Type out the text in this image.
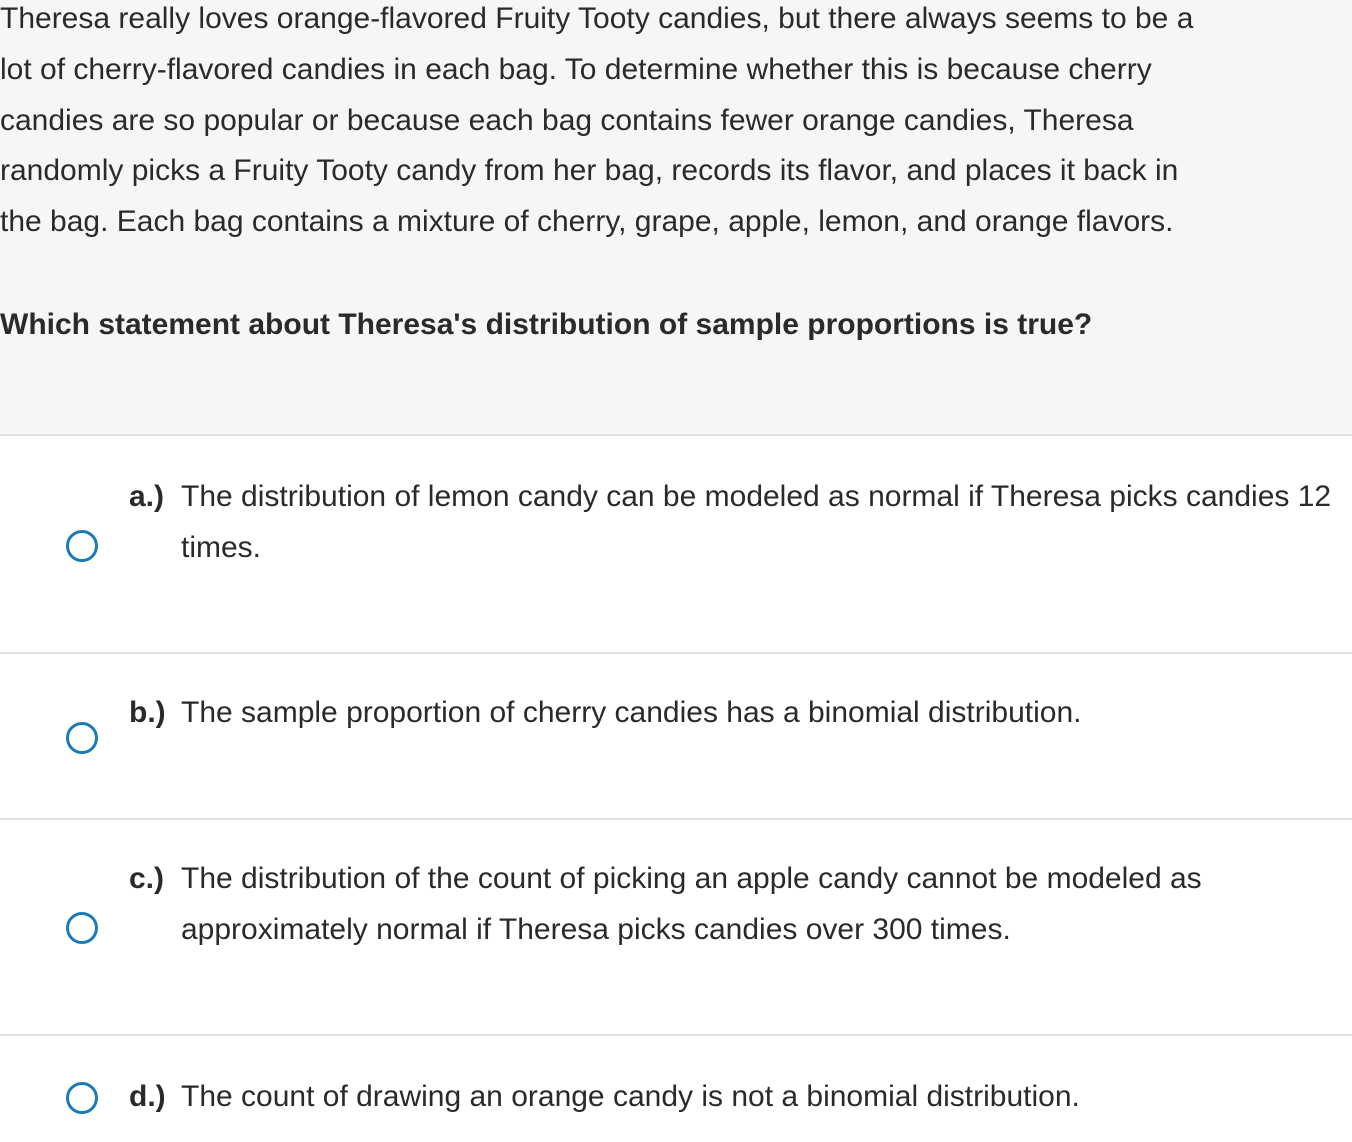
Theresa really loves orange-flavored Fruity Tooty candies, but there always seems to be a
lot of cherry-flavored candies in each bag. To determine whether this is because cherry
candies are so popular or because each bag contains fewer orange candies, Theresa
randomly picks a Fruity Tooty candy from her bag, records its flavor, and places it back in
the bag. Each bag contains a mixture of cherry, grape, apple, lemon, and orange flavors.

Which statement about Theresa's distribution of sample proportions is true?

a.) The distribution of lemon candy can be modeled as normal if Theresa picks candies 12 times.

b.) The sample proportion of cherry candies has a binomial distribution.

c.) The distribution of the count of picking an apple candy cannot be modeled as approximately normal if Theresa picks candies over 300 times.

d.) The count of drawing an orange candy is not a binomial distribution.
